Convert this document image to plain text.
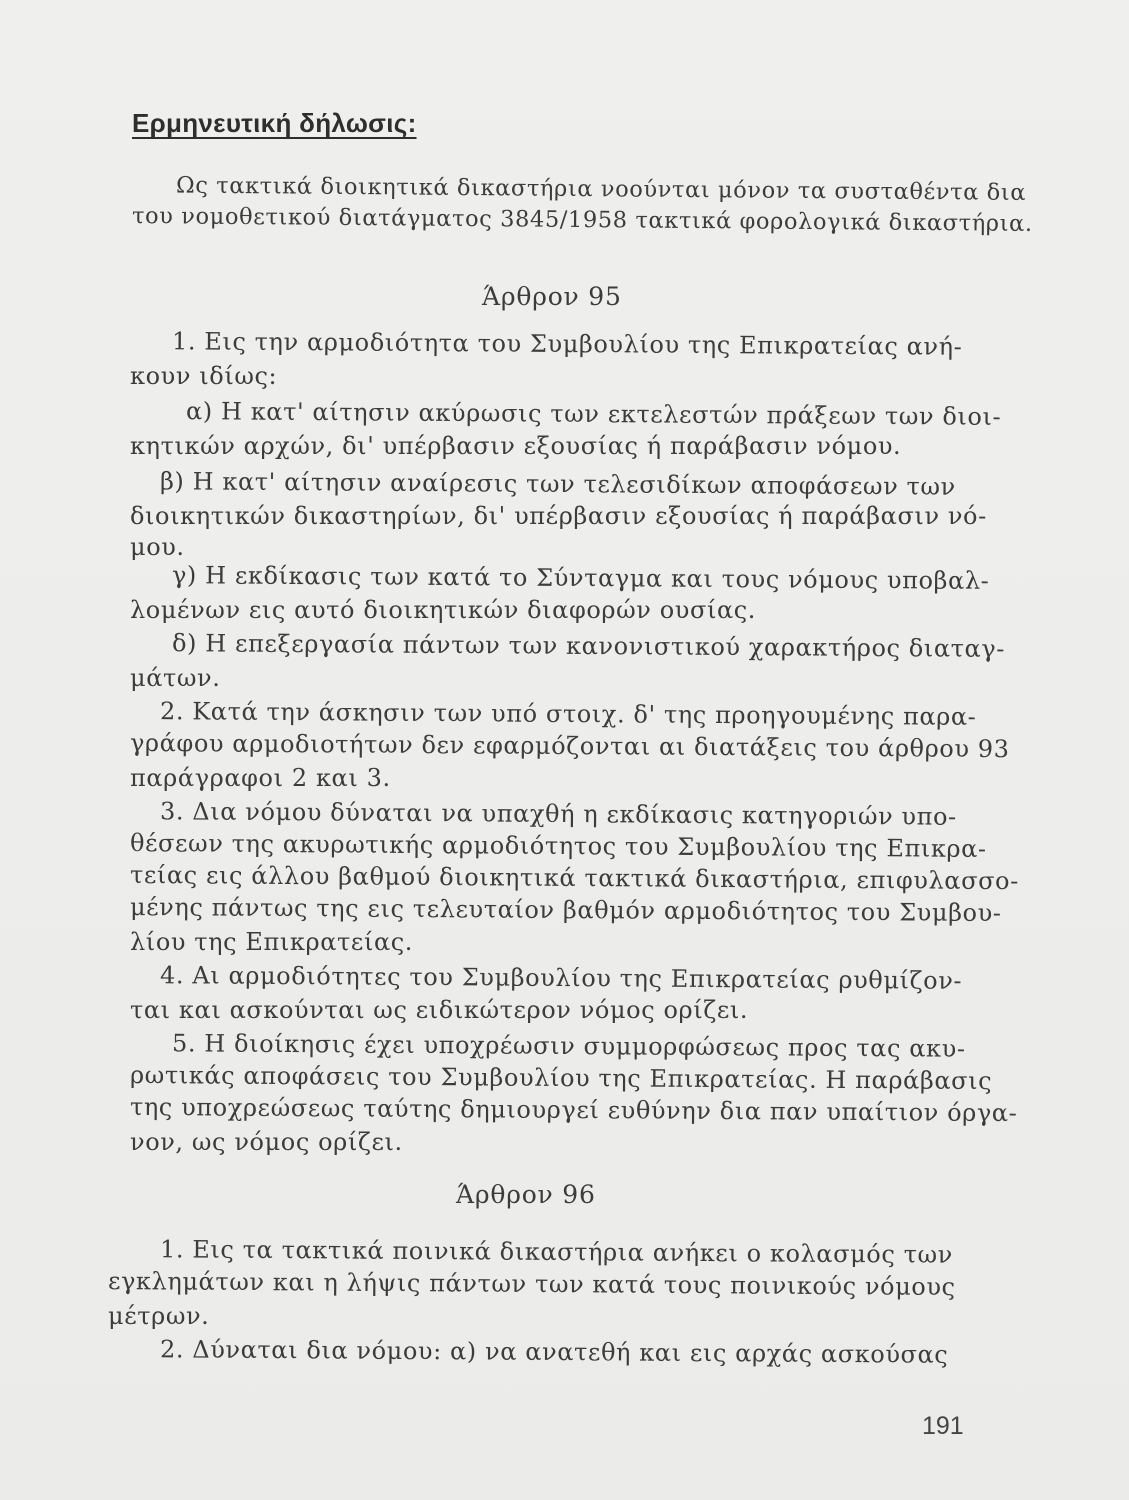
Ερμηνευτική δήλωσις:
Ως τακτικά διοικητικά δικαστήρια νοούνται μόνον τα συσταθέντα δια
του νομοθετικού διατάγματος 3845/1958 τακτικά φορολογικά δικαστήρια.
Άρθρον 95
1. Εις την αρμοδιότητα του Συμβουλίου της Επικρατείας ανή-
κουν ιδίως:
α) Η κατ' αίτησιν ακύρωσις των εκτελεστών πράξεων των διοι-
κητικών αρχών, δι' υπέρβασιν εξουσίας ή παράβασιν νόμου.
β) Η κατ' αίτησιν αναίρεσις των τελεσιδίκων αποφάσεων των
διοικητικών δικαστηρίων, δι' υπέρβασιν εξουσίας ή παράβασιν νό-
μου.
γ) Η εκδίκασις των κατά το Σύνταγμα και τους νόμους υποβαλ-
λομένων εις αυτό διοικητικών διαφορών ουσίας.
δ) Η επεξεργασία πάντων των κανονιστικού χαρακτήρος διαταγ-
μάτων.
2. Κατά την άσκησιν των υπό στοιχ. δ' της προηγουμένης παρα-
γράφου αρμοδιοτήτων δεν εφαρμόζονται αι διατάξεις του άρθρου 93
παράγραφοι 2 και 3.
3. Δια νόμου δύναται να υπαχθή η εκδίκασις κατηγοριών υπο-
θέσεων της ακυρωτικής αρμοδιότητος του Συμβουλίου της Επικρα-
τείας εις άλλου βαθμού διοικητικά τακτικά δικαστήρια, επιφυλασσο-
μένης πάντως της εις τελευταίον βαθμόν αρμοδιότητος του Συμβου-
λίου της Επικρατείας.
4. Αι αρμοδιότητες του Συμβουλίου της Επικρατείας ρυθμίζον-
ται και ασκούνται ως ειδικώτερον νόμος ορίζει.
5. Η διοίκησις έχει υποχρέωσιν συμμορφώσεως προς τας ακυ-
ρωτικάς αποφάσεις του Συμβουλίου της Επικρατείας. Η παράβασις
της υποχρεώσεως ταύτης δημιουργεί ευθύνην δια παν υπαίτιον όργα-
νον, ως νόμος ορίζει.
Άρθρον 96
1. Εις τα τακτικά ποινικά δικαστήρια ανήκει ο κολασμός των
εγκλημάτων και η λήψις πάντων των κατά τους ποινικούς νόμους
μέτρων.
2. Δύναται δια νόμου: α) να ανατεθή και εις αρχάς ασκούσας
191
